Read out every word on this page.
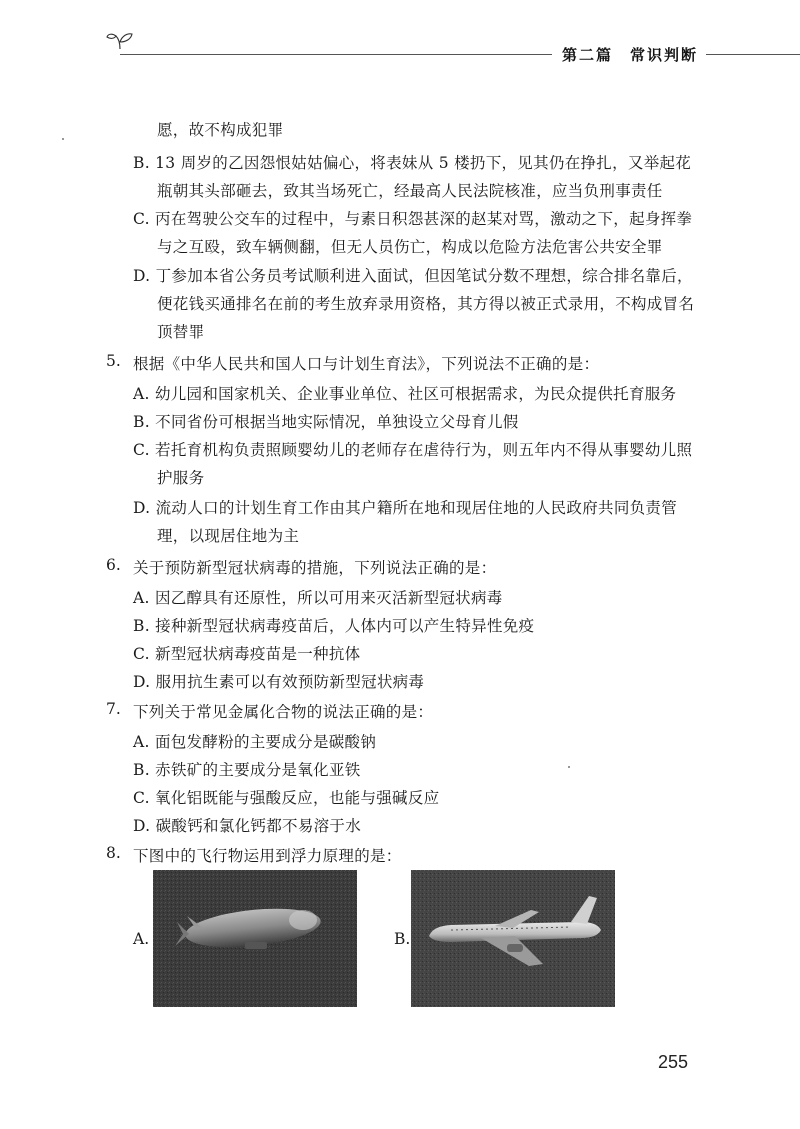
第二篇　常识判断
愿，故不构成犯罪
B. 13 周岁的乙因怨恨姑姑偏心，将表妹从 5 楼扔下，见其仍在挣扎，又举起花
瓶朝其头部砸去，致其当场死亡，经最高人民法院核准，应当负刑事责任
C. 丙在驾驶公交车的过程中，与素日积怨甚深的赵某对骂，激动之下，起身挥拳
与之互殴，致车辆侧翻，但无人员伤亡，构成以危险方法危害公共安全罪
D. 丁参加本省公务员考试顺利进入面试，但因笔试分数不理想，综合排名靠后，
便花钱买通排名在前的考生放弃录用资格，其方得以被正式录用，不构成冒名
顶替罪
5. 根据《中华人民共和国人口与计划生育法》，下列说法不正确的是：
A. 幼儿园和国家机关、企业事业单位、社区可根据需求，为民众提供托育服务
B. 不同省份可根据当地实际情况，单独设立父母育儿假
C. 若托育机构负责照顾婴幼儿的老师存在虐待行为，则五年内不得从事婴幼儿照
护服务
D. 流动人口的计划生育工作由其户籍所在地和现居住地的人民政府共同负责管
理，以现居住地为主
6. 关于预防新型冠状病毒的措施，下列说法正确的是：
A. 因乙醇具有还原性，所以可用来灭活新型冠状病毒
B. 接种新型冠状病毒疫苗后，人体内可以产生特异性免疫
C. 新型冠状病毒疫苗是一种抗体
D. 服用抗生素可以有效预防新型冠状病毒
7. 下列关于常见金属化合物的说法正确的是：
A. 面包发酵粉的主要成分是碳酸钠
B. 赤铁矿的主要成分是氧化亚铁
C. 氧化铝既能与强酸反应，也能与强碱反应
D. 碳酸钙和氯化钙都不易溶于水
8. 下图中的飞行物运用到浮力原理的是：
A.	B.
255
